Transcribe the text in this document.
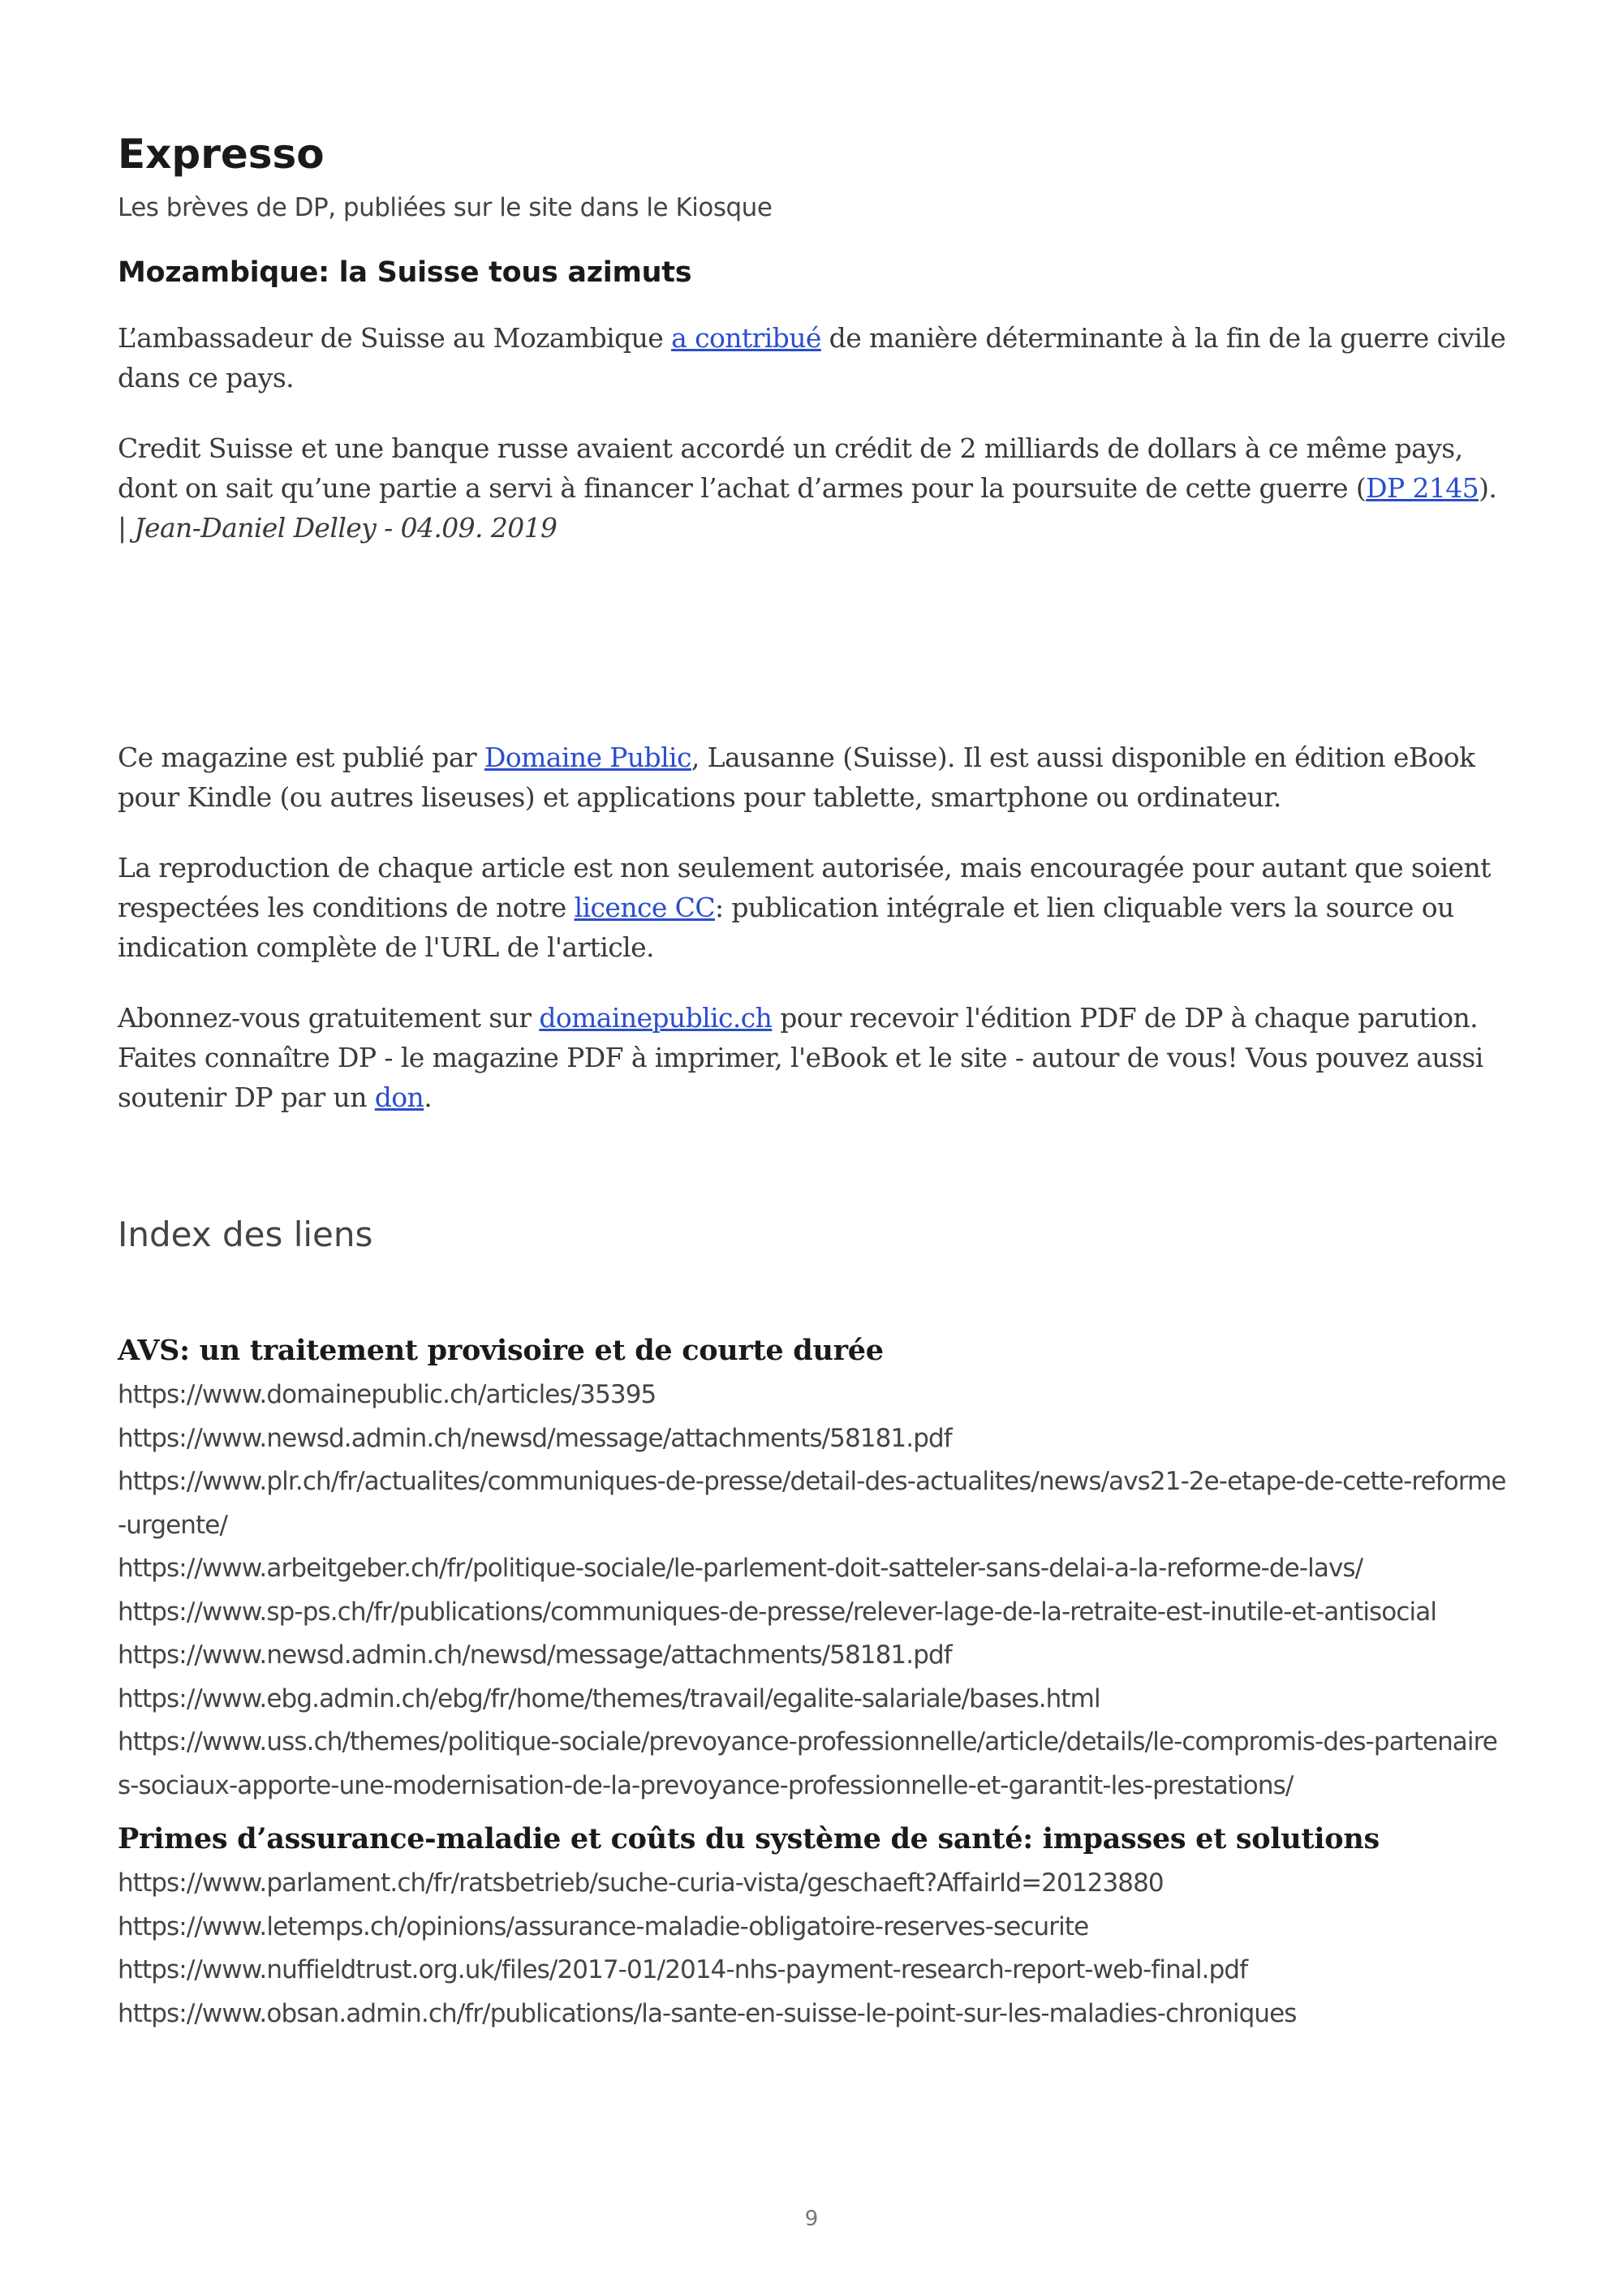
Expresso
Les brèves de DP, publiées sur le site dans le Kiosque
Mozambique: la Suisse tous azimuts

L’ambassadeur de Suisse au Mozambique a contribué de manière déterminante à la fin de la guerre civile dans ce pays.

Credit Suisse et une banque russe avaient accordé un crédit de 2 milliards de dollars à ce même pays, dont on sait qu’une partie a servi à financer l’achat d’armes pour la poursuite de cette guerre (DP 2145). | Jean-Daniel Delley - 04.09. 2019

Ce magazine est publié par Domaine Public, Lausanne (Suisse). Il est aussi disponible en édition eBook pour Kindle (ou autres liseuses) et applications pour tablette, smartphone ou ordinateur.

La reproduction de chaque article est non seulement autorisée, mais encouragée pour autant que soient respectées les conditions de notre licence CC: publication intégrale et lien cliquable vers la source ou indication complète de l'URL de l'article.

Abonnez-vous gratuitement sur domainepublic.ch pour recevoir l'édition PDF de DP à chaque parution. Faites connaître DP - le magazine PDF à imprimer, l'eBook et le site - autour de vous! Vous pouvez aussi soutenir DP par un don.

Index des liens
AVS: un traitement provisoire et de courte durée
https://www.domainepublic.ch/articles/35395
https://www.newsd.admin.ch/newsd/message/attachments/58181.pdf
https://www.plr.ch/fr/actualites/communiques-de-presse/detail-des-actualites/news/avs21-2e-etape-de-cette-reforme-urgente/
https://www.arbeitgeber.ch/fr/politique-sociale/le-parlement-doit-satteler-sans-delai-a-la-reforme-de-lavs/
https://www.sp-ps.ch/fr/publications/communiques-de-presse/relever-lage-de-la-retraite-est-inutile-et-antisocial
https://www.newsd.admin.ch/newsd/message/attachments/58181.pdf
https://www.ebg.admin.ch/ebg/fr/home/themes/travail/egalite-salariale/bases.html
https://www.uss.ch/themes/politique-sociale/prevoyance-professionnelle/article/details/le-compromis-des-partenaires-sociaux-apporte-une-modernisation-de-la-prevoyance-professionnelle-et-garantit-les-prestations/
Primes d’assurance-maladie et coûts du système de santé: impasses et solutions
https://www.parlament.ch/fr/ratsbetrieb/suche-curia-vista/geschaeft?AffairId=20123880
https://www.letemps.ch/opinions/assurance-maladie-obligatoire-reserves-securite
https://www.nuffieldtrust.org.uk/files/2017-01/2014-nhs-payment-research-report-web-final.pdf
https://www.obsan.admin.ch/fr/publications/la-sante-en-suisse-le-point-sur-les-maladies-chroniques
9
